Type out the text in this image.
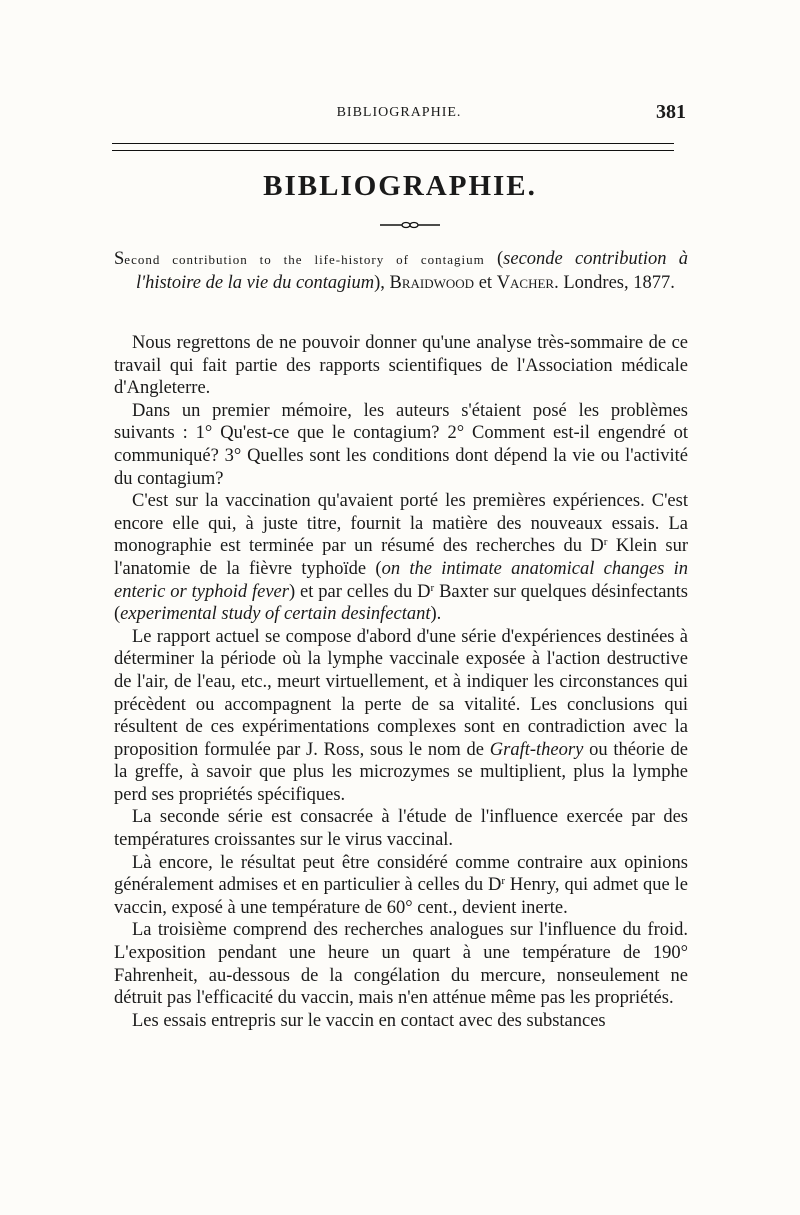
BIBLIOGRAPHIE.	381
BIBLIOGRAPHIE.

Second contribution to the life-history of contagium (seconde contribution à l'histoire de la vie du contagium), Braidwood et Vacher. Londres, 1877.

Nous regrettons de ne pouvoir donner qu'une analyse très-sommaire de ce travail qui fait partie des rapports scientifiques de l'Association médicale d'Angleterre.

Dans un premier mémoire, les auteurs s'étaient posé les problèmes suivants : 1° Qu'est-ce que le contagium? 2° Comment est-il engendré ot communiqué? 3° Quelles sont les conditions dont dépend la vie ou l'activité du contagium?

C'est sur la vaccination qu'avaient porté les premières expériences. C'est encore elle qui, à juste titre, fournit la matière des nouveaux essais. La monographie est terminée par un résumé des recherches du $D^r$ Klein sur l'anatomie de la fièvre typhoïde (on the intimate anatomical changes in enteric or typhoid fever) et par celles du $D^r$ Baxter sur quelques désinfectants (experimental study of certain desinfectant).

Le rapport actuel se compose d'abord d'une série d'expériences destinées à déterminer la période où la lymphe vaccinale exposée à l'action destructive de l'air, de l'eau, etc., meurt virtuellement, et à indiquer les circonstances qui précèdent ou accompagnent la perte de sa vitalité. Les conclusions qui résultent de ces expérimentations complexes sont en contradiction avec la proposition formulée par J. Ross, sous le nom de Graft-theory ou théorie de la greffe, à savoir que plus les microzymes se multiplient, plus la lymphe perd ses propriétés spécifiques.

La seconde série est consacrée à l'étude de l'influence exercée par des températures croissantes sur le virus vaccinal.

Là encore, le résultat peut être considéré comme contraire aux opinions généralement admises et en particulier à celles du $D^r$ Henry, qui admet que le vaccin, exposé à une température de 60° cent., devient inerte.

La troisième comprend des recherches analogues sur l'influence du froid. L'exposition pendant une heure un quart à une température de 190° Fahrenheit, au-dessous de la congélation du mercure, nonseulement ne détruit pas l'efficacité du vaccin, mais n'en atténue même pas les propriétés.

Les essais entrepris sur le vaccin en contact avec des substances
